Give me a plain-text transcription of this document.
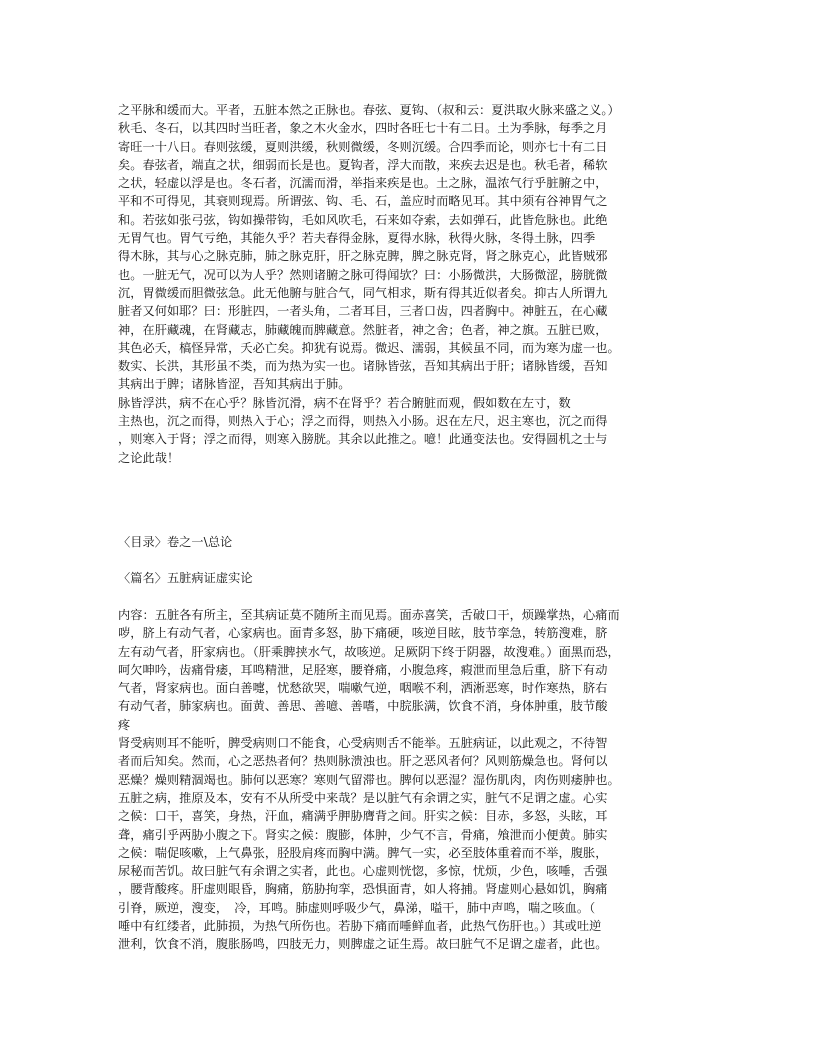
之平脉和缓而大。平者，五脏本然之正脉也。春弦、夏钩、（叔和云：夏洪取火脉来盛之义。）
秋毛、冬石，以其四时当旺者，象之木火金水，四时各旺七十有二日。土为季脉，每季之月
寄旺一十八日。春则弦缓，夏则洪缓，秋则微缓，冬则沉缓。合四季而论，则亦七十有二日
矣。春弦者，端直之状，细弱而长是也。夏钩者，浮大而散，来疾去迟是也。秋毛者，稀软
之状，轻虚以浮是也。冬石者，沉濡而滑，举指来疾是也。土之脉，温浓气行乎脏腑之中，
平和不可得见，其衰则现焉。所谓弦、钩、毛、石，盖应时而略见耳。其中须有谷神胃气之
和。若弦如张弓弦，钩如操带钩，毛如风吹毛，石来如夺索，去如弹石，此皆危脉也。此绝
无胃气也。胃气亏绝，其能久乎？若夫春得金脉，夏得水脉，秋得火脉，冬得土脉，四季
得木脉，其与心之脉克肺，肺之脉克肝，肝之脉克脾，脾之脉克肾，肾之脉克心，此皆贼邪
也。一脏无气，况可以为人乎？然则诸腑之脉可得闻欤？曰：小肠微洪，大肠微涩，膀胱微
沉，胃微缓而胆微弦急。此无他腑与脏合气，同气相求，斯有得其近似者矣。抑古人所谓九
脏者又何如耶？曰：形脏四，一者头角，二者耳目，三者口齿，四者胸中。神脏五，在心藏
神，在肝藏魂，在肾藏志，肺藏魄而脾藏意。然脏者，神之舍；色者，神之旗。五脏已败，
其色必夭，槁怪异常，夭必亡矣。抑犹有说焉。微迟、濡弱，其候虽不同，而为寒为虚一也。
数实、长洪，其形虽不类，而为热为实一也。诸脉皆弦，吾知其病出于肝；诸脉皆缓，吾知
其病出于脾；诸脉皆涩，吾知其病出于肺。
脉皆浮洪，病不在心乎？脉皆沉滑，病不在肾乎？若合腑脏而观，假如数在左寸，数
主热也，沉之而得，则热入于心；浮之而得，则热入小肠。迟在左尺，迟主寒也，沉之而得
，则寒入于肾；浮之而得，则寒入膀胱。其余以此推之。噫！此通变法也。安得圆机之士与
之论此哉！
〈目录〉卷之一\总论
〈篇名〉五脏病证虚实论
内容：五脏各有所主，至其病证莫不随所主而见焉。面赤喜笑，舌破口干，烦躁掌热，心痛而
哕，脐上有动气者，心家病也。面青多怒，胁下痛硬，咳逆目眩，肢节挛急，转筋溲难，脐
左有动气者，肝家病也。（肝乘脾挟水气，故咳逆。足厥阴下终于阴器，故溲难。）面黑而恐，
呵欠呻吟，齿痛骨痿，耳鸣精泄，足胫寒，腰脊痛，小腹急疼，瘕泄而里急后重，脐下有动
气者，肾家病也。面白善嚏，忧愁欲哭，喘嗽气逆，咽喉不利，洒淅恶寒，时作寒热，脐右
有动气者，肺家病也。面黄、善思、善噫、善嗜，中脘胀满，饮食不消，身体肿重，肢节酸
疼
肾受病则耳不能听，脾受病则口不能食，心受病则舌不能举。五脏病证，以此观之，不待智
者而后知矣。然而，心之恶热者何？热则脉溃浊也。肝之恶风者何？风则筋燥急也。肾何以
恶燥？燥则精涸竭也。肺何以恶寒？寒则气留滞也。脾何以恶湿？湿伤肌肉，肉伤则痿肿也。
五脏之病，推原及本，安有不从所受中来哉？是以脏气有余谓之实，脏气不足谓之虚。心实
之候：口干，喜笑，身热，汗血，痛满乎胛胁膺背之间。肝实之候：目赤，多怒，头眩，耳
聋，痛引乎两胁小腹之下。肾实之候：腹膨，体肿，少气不言，骨痛，飧泄而小便黄。肺实
之候：喘促咳嗽，上气鼻张，胫股肩疼而胸中满。脾气一实，必至肢体重着而不举，腹胀，
尿秘而苦饥。故曰脏气有余谓之实者，此也。心虚则恍惚，多惊，忧烦，少色，咳唾，舌强
，腰背酸疼。肝虚则眼昏，胸痛，筋胁拘挛，恐惧面青，如人将捕。肾虚则心悬如饥，胸痛
引脊，厥逆，溲变，　冷，耳鸣。肺虚则呼吸少气，鼻涕，嗌干，肺中声鸣，喘之咳血。（
唾中有红缕者，此肺损，为热气所伤也。若胁下痛而唾鲜血者，此热气伤肝也。）其或吐逆
泄利，饮食不消，腹胀肠鸣，四肢无力，则脾虚之证生焉。故曰脏气不足谓之虚者，此也。
